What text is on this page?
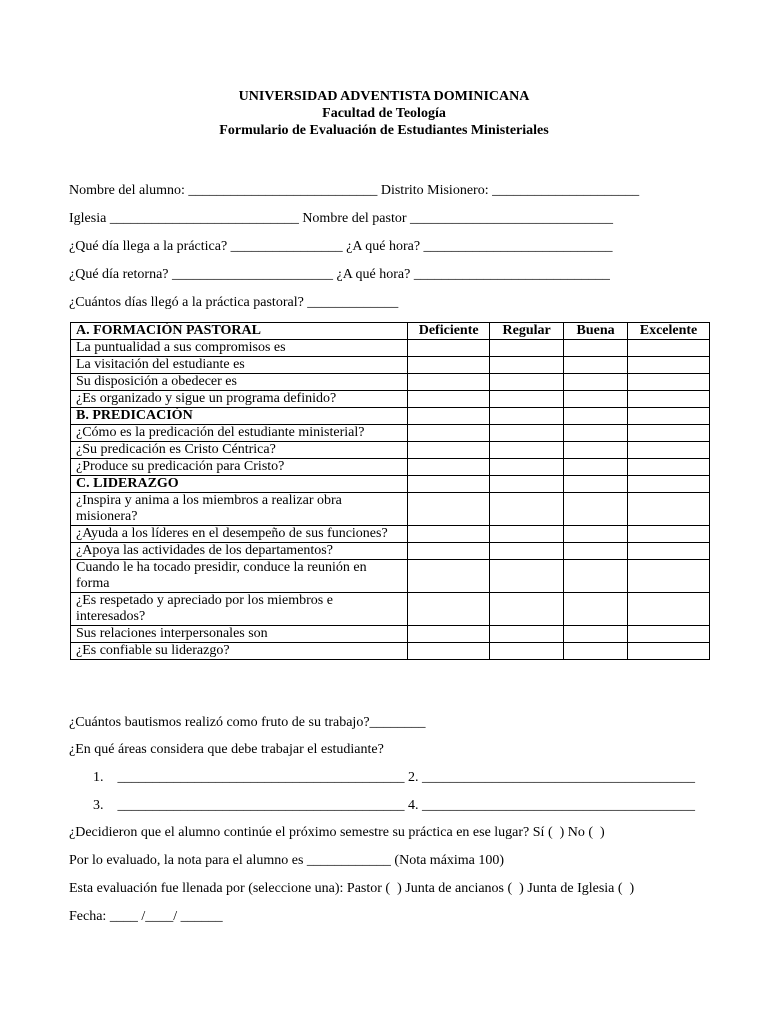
UNIVERSIDAD ADVENTISTA DOMINICANA
Facultad de Teología
Formulario de Evaluación de Estudiantes Ministeriales
Nombre del alumno: ___________________________ Distrito Misionero: _____________________
Iglesia ___________________________ Nombre del pastor _____________________________
¿Qué día llega a la práctica? ________________ ¿A qué hora? ___________________________
¿Qué día retorna? _______________________ ¿A qué hora? ____________________________
¿Cuántos días llegó a la práctica pastoral? _____________
A. FORMACIÓN PASTORAL	Deficiente	Regular	Buena	Excelente
La puntualidad a sus compromisos es				
La visitación del estudiante es				
Su disposición a obedecer es				
¿Es organizado y sigue un programa definido?				
B. PREDICACIÓN				
¿Cómo es la predicación del estudiante ministerial?				
¿Su predicación es Cristo Céntrica?				
¿Produce su predicación para Cristo?				
C. LIDERAZGO				
¿Inspira y anima a los miembros a realizar obra misionera?				
¿Ayuda a los líderes en el desempeño de sus funciones?				
¿Apoya las actividades de los departamentos?				
Cuando le ha tocado presidir, conduce la reunión en forma				
¿Es respetado y apreciado por los miembros e interesados?				
Sus relaciones interpersonales son				
¿Es confiable su liderazgo?				
¿Cuántos bautismos realizó como fruto de su trabajo?________
¿En qué áreas considera que debe trabajar el estudiante?
1.    _________________________________________ 2. _______________________________________
3.    _________________________________________ 4. _______________________________________
¿Decidieron que el alumno continúe el próximo semestre su práctica en ese lugar? Sí (  ) No (  )
Por lo evaluado, la nota para el alumno es ____________ (Nota máxima 100)
Esta evaluación fue llenada por (seleccione una): Pastor (  ) Junta de ancianos (  ) Junta de Iglesia (  )
Fecha: ____ /____/ ______
